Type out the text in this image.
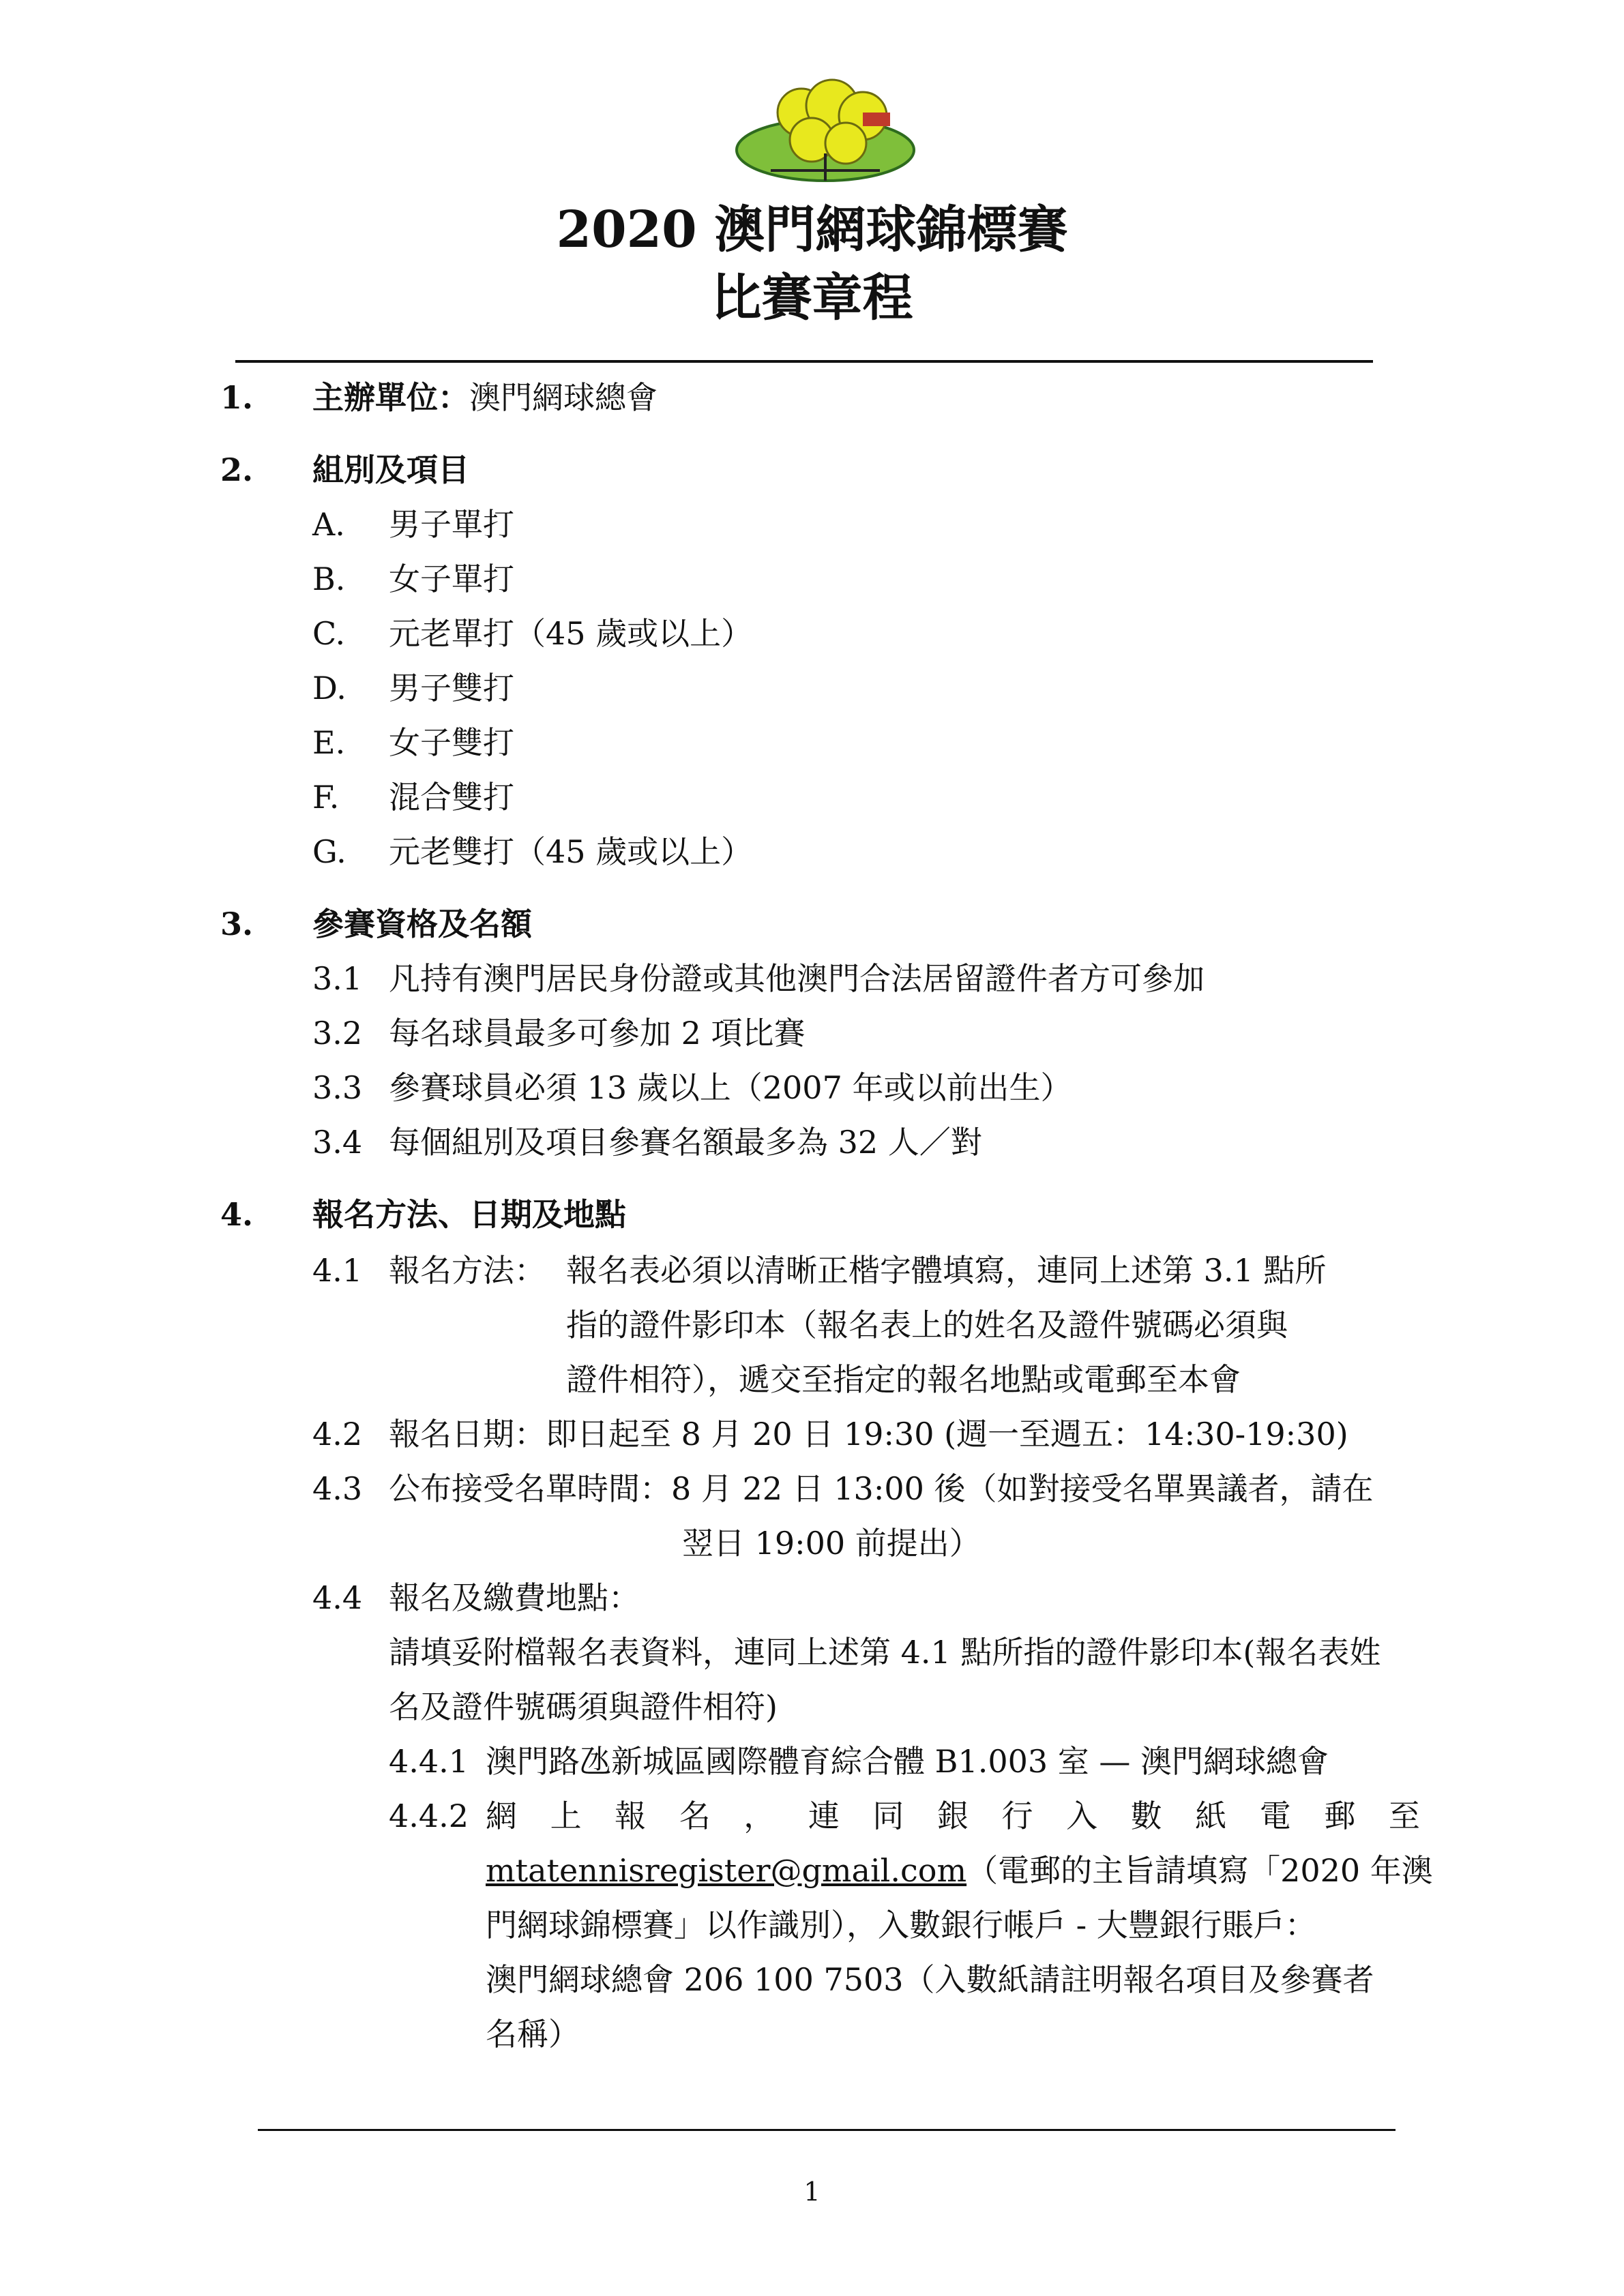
2020 澳門網球錦標賽
比賽章程
1. 主辦單位：澳門網球總會
2. 組別及項目
A. 男子單打
B. 女子單打
C. 元老單打（45 歲或以上）
D. 男子雙打
E. 女子雙打
F. 混合雙打
G. 元老雙打（45 歲或以上）
3. 參賽資格及名額
3.1 凡持有澳門居民身份證或其他澳門合法居留證件者方可參加
3.2 每名球員最多可參加 2 項比賽
3.3 參賽球員必須 13 歲以上（2007 年或以前出生）
3.4 每個組別及項目參賽名額最多為 32 人／對
4. 報名方法、日期及地點
4.1 報名方法： 報名表必須以清晰正楷字體填寫，連同上述第 3.1 點所
指的證件影印本（報名表上的姓名及證件號碼必須與
證件相符），遞交至指定的報名地點或電郵至本會
4.2 報名日期：即日起至 8 月 20 日 19:30 (週一至週五：14:30-19:30)
4.3 公布接受名單時間：8 月 22 日 13:00 後（如對接受名單異議者，請在
翌日 19:00 前提出）
4.4 報名及繳費地點：
請填妥附檔報名表資料，連同上述第 4.1 點所指的證件影印本(報名表姓
名及證件號碼須與證件相符)
4.4.1 澳門路氹新城區國際體育綜合體 B1.003 室 — 澳門網球總會
4.4.2 網 上 報 名 ， 連 同 銀 行 入 數 紙 電 郵 至
mtatennisregister@gmail.com（電郵的主旨請填寫「2020 年澳
門網球錦標賽」以作識別），入數銀行帳戶 - 大豐銀行賬戶：
澳門網球總會 206 100 7503（入數紙請註明報名項目及參賽者
名稱）
1
